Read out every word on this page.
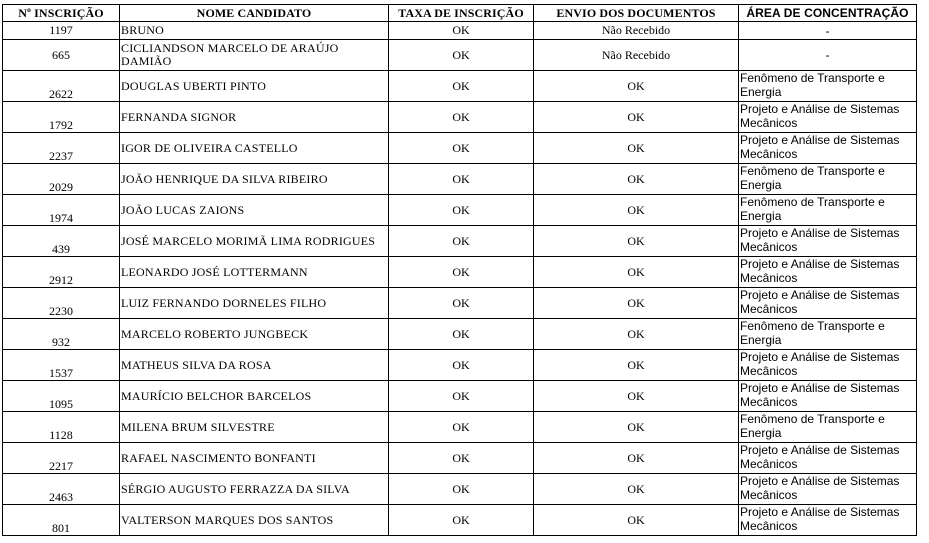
Nº INSCRIÇÃO	NOME CANDIDATO	TAXA DE INSCRIÇÃO	ENVIO DOS DOCUMENTOS	ÁREA DE CONCENTRAÇÃO
1197	BRUNO	OK	Não Recebido	-
665	CICLIANDSON MARCELO DE ARAÚJO DAMIÃO	OK	Não Recebido	-
2622	DOUGLAS UBERTI PINTO	OK	OK	Fenômeno de Transporte e Energia
1792	FERNANDA SIGNOR	OK	OK	Projeto e Análise de Sistemas Mecânicos
2237	IGOR DE OLIVEIRA CASTELLO	OK	OK	Projeto e Análise de Sistemas Mecânicos
2029	JOÃO HENRIQUE DA SILVA RIBEIRO	OK	OK	Fenômeno de Transporte e Energia
1974	JOÃO LUCAS ZAIONS	OK	OK	Fenômeno de Transporte e Energia
439	JOSÉ MARCELO MORIMÃ LIMA RODRIGUES	OK	OK	Projeto e Análise de Sistemas Mecânicos
2912	LEONARDO JOSÉ LOTTERMANN	OK	OK	Projeto e Análise de Sistemas Mecânicos
2230	LUIZ FERNANDO DORNELES FILHO	OK	OK	Projeto e Análise de Sistemas Mecânicos
932	MARCELO ROBERTO JUNGBECK	OK	OK	Fenômeno de Transporte e Energia
1537	MATHEUS SILVA DA ROSA	OK	OK	Projeto e Análise de Sistemas Mecânicos
1095	MAURÍCIO BELCHOR BARCELOS	OK	OK	Projeto e Análise de Sistemas Mecânicos
1128	MILENA BRUM SILVESTRE	OK	OK	Fenômeno de Transporte e Energia
2217	RAFAEL NASCIMENTO BONFANTI	OK	OK	Projeto e Análise de Sistemas Mecânicos
2463	SÉRGIO AUGUSTO FERRAZZA DA SILVA	OK	OK	Projeto e Análise de Sistemas Mecânicos
801	VALTERSON MARQUES DOS SANTOS	OK	OK	Projeto e Análise de Sistemas Mecânicos
